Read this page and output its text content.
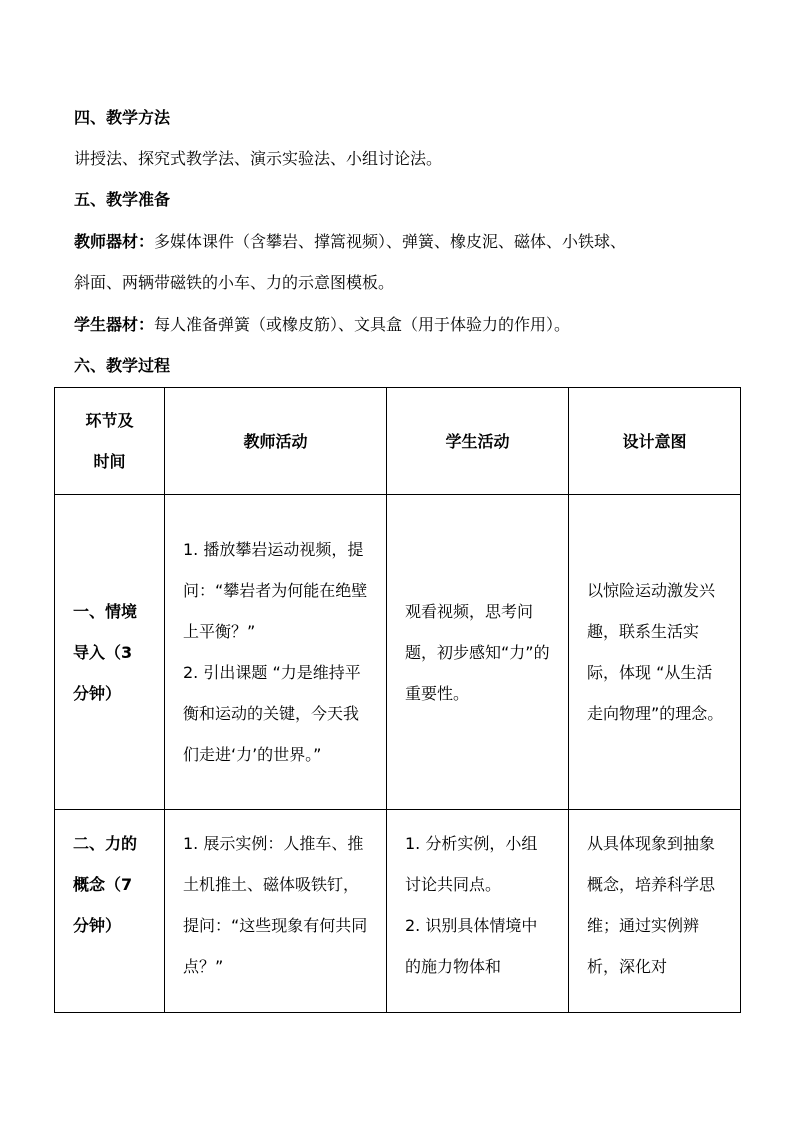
四、教学方法
讲授法、探究式教学法、演示实验法、小组讨论法。
五、教学准备
教师器材：多媒体课件（含攀岩、撑篙视频）、弹簧、橡皮泥、磁体、小铁球、
斜面、两辆带磁铁的小车、力的示意图模板。
学生器材：每人准备弹簧（或橡皮筋）、文具盒（用于体验力的作用）。
六、教学过程
环节及
时间	教师活动	学生活动	设计意图
一、情境导入（3分钟）	1. 播放攀岩运动视频，提问：“攀岩者为何能在绝壁上平衡？”
2. 引出课题 “力是维持平衡和运动的关键，今天我们走进‘力’的世界。”	观看视频，思考问题，初步感知“力”的重要性。	以惊险运动激发兴趣，联系生活实际，体现 “从生活走向物理”的理念。
二、力的概念（7分钟）	1. 展示实例：人推车、推土机推土、磁体吸铁钉，提问：“这些现象有何共同点？”	1. 分析实例，小组讨论共同点。
2. 识别具体情境中的施力物体和	从具体现象到抽象概念，培养科学思维；通过实例辨析，深化对
